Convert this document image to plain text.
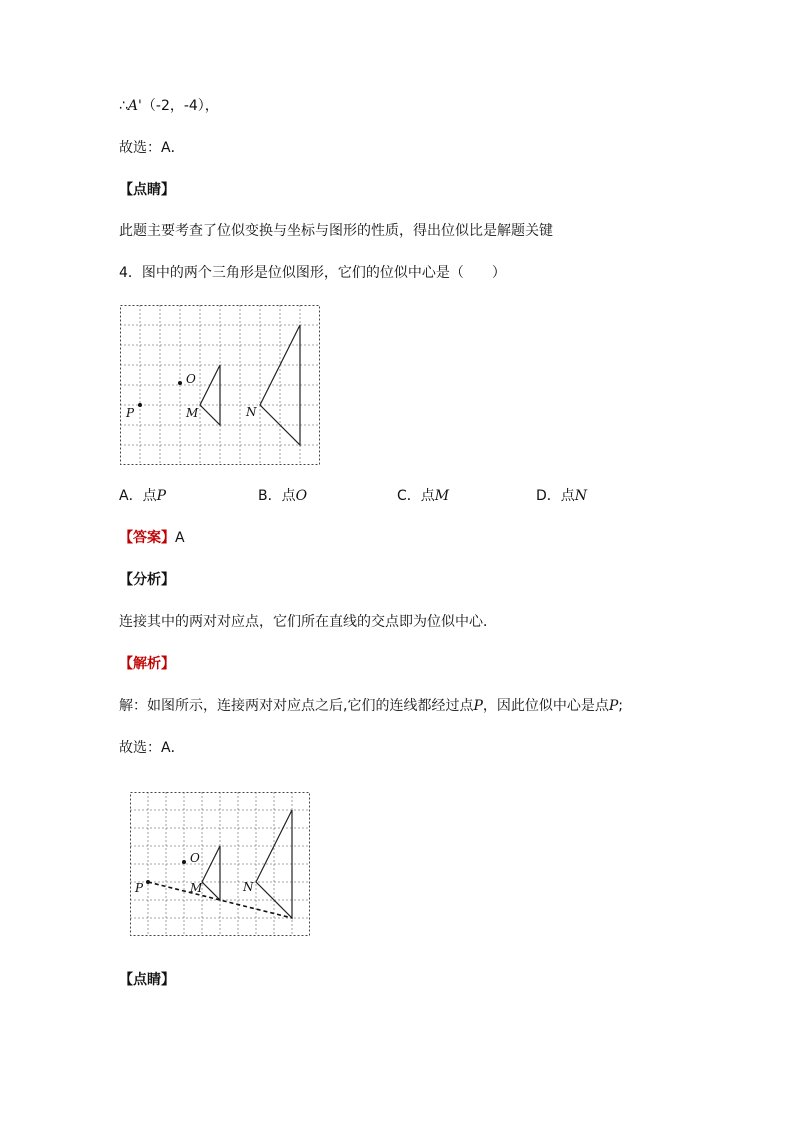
∴A'（-2，-4），
故选：A．
【点睛】
此题主要考查了位似变换与坐标与图形的性质，得出位似比是解题关键
4．图中的两个三角形是位似图形，它们的位似中心是（　　）
P
O
M	N
A．点P	B．点O	C．点M	D．点N
【答案】A
【分析】
连接其中的两对对应点，它们所在直线的交点即为位似中心．
【解析】
解：如图所示，连接两对对应点之后,它们的连线都经过点P，因此位似中心是点P;
故选：A．
P
O
M	N
【点睛】
